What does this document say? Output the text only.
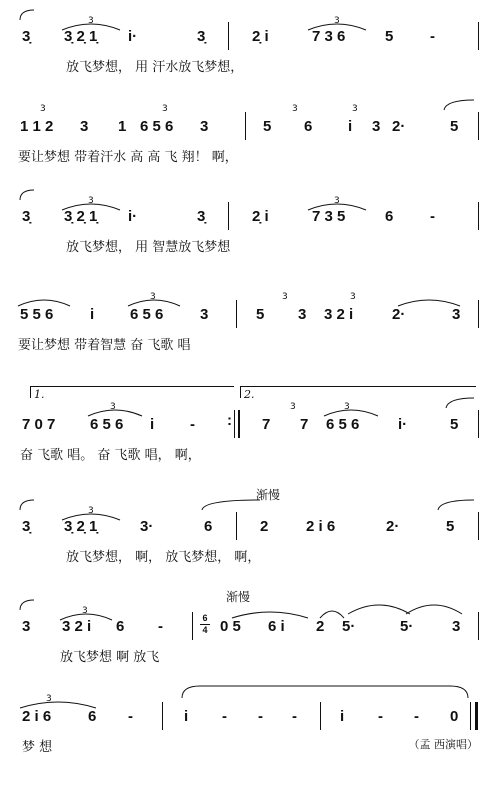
3̣ 3̣ 2̣ 1̣ i·	3̣	2̣ i	7 3 6	5 -
3	3
放飞梦想， 用 汗水放飞梦想，
1 1 2 3 1 6 5 6 3	5 6 i 3 2·	5
3	3	3	3
要让梦想 带着汗水 高 高 飞 翔！ 啊，
3̣ 3̣ 2̣ 1̣ i·	3̣	2̣ i	7 3 5	6 -
3	3
放飞梦想， 用 智慧放飞梦想
5 5 6 i 6 5 6 3	5 3 3 2 i	2·	3
3
3	3
要让梦想 带着智慧 奋 飞歌 唱
1.	2.
7 0 7 6 5 6 i - : 7 7 6 5 6	i·	5
3	3	3
奋 飞歌 唱。 奋 飞歌 唱， 啊，
渐慢
3̣ 3̣ 2̣ 1̣	3·	6	2	2 i 6	2·	5
3
放飞梦想， 啊， 放飞梦想， 啊，
渐慢
3 3 2 i 6 -	6
4 0 5 6 i 2 5·	5·	3
3
放飞梦想 啊 放飞
2 i 6 6 -	i - - -	i - - 0
3
梦 想	（孟 西演唱）
